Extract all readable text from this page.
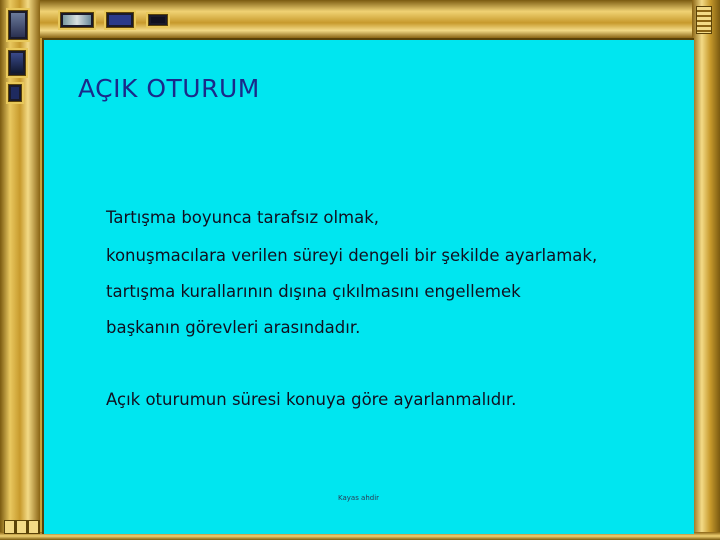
AÇIK OTURUM

Tartışma boyunca tarafsız olmak,

konuşmacılara verilen süreyi dengeli bir şekilde ayarlamak,

tartışma kurallarının dışına çıkılmasını engellemek

başkanın görevleri arasındadır.

Açık oturumun süresi konuya göre ayarlanmalıdır.

Kayas ahdir
